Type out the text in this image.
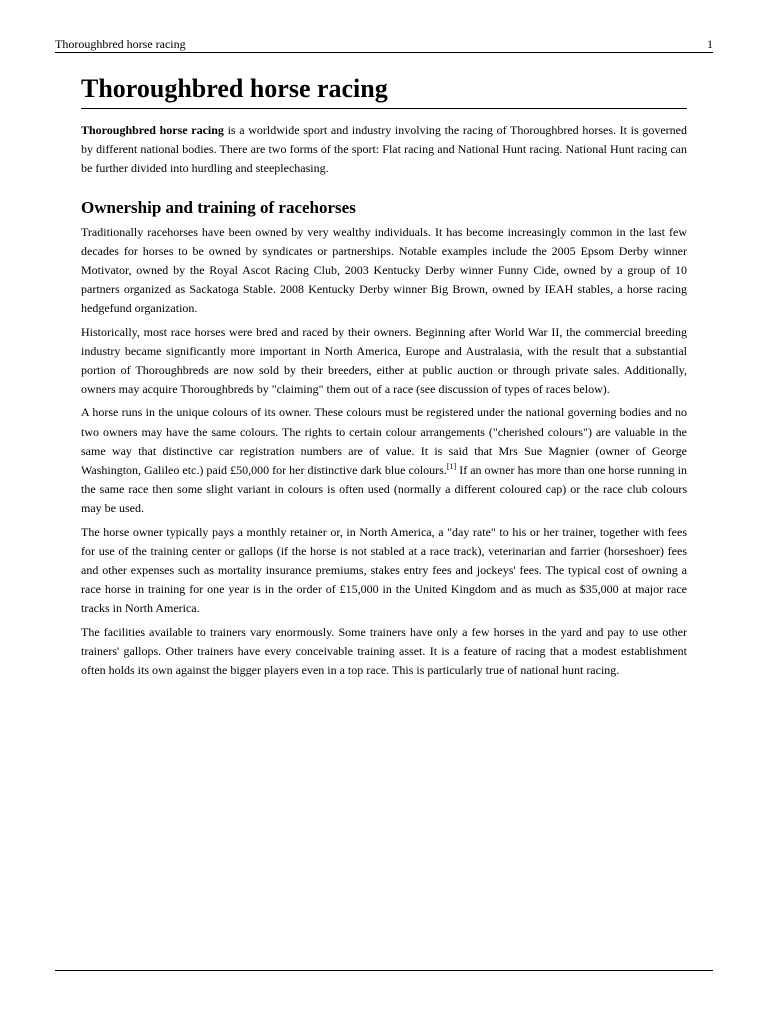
Thoroughbred horse racing	1
Thoroughbred horse racing

Thoroughbred horse racing is a worldwide sport and industry involving the racing of Thoroughbred horses. It is governed by different national bodies. There are two forms of the sport: Flat racing and National Hunt racing. National Hunt racing can be further divided into hurdling and steeplechasing.

Ownership and training of racehorses

Traditionally racehorses have been owned by very wealthy individuals. It has become increasingly common in the last few decades for horses to be owned by syndicates or partnerships. Notable examples include the 2005 Epsom Derby winner Motivator, owned by the Royal Ascot Racing Club, 2003 Kentucky Derby winner Funny Cide, owned by a group of 10 partners organized as Sackatoga Stable. 2008 Kentucky Derby winner Big Brown, owned by IEAH stables, a horse racing hedgefund organization.

Historically, most race horses were bred and raced by their owners. Beginning after World War II, the commercial breeding industry became significantly more important in North America, Europe and Australasia, with the result that a substantial portion of Thoroughbreds are now sold by their breeders, either at public auction or through private sales. Additionally, owners may acquire Thoroughbreds by "claiming" them out of a race (see discussion of types of races below).

A horse runs in the unique colours of its owner. These colours must be registered under the national governing bodies and no two owners may have the same colours. The rights to certain colour arrangements ("cherished colours") are valuable in the same way that distinctive car registration numbers are of value. It is said that Mrs Sue Magnier (owner of George Washington, Galileo etc.) paid £50,000 for her distinctive dark blue colours.[1] If an owner has more than one horse running in the same race then some slight variant in colours is often used (normally a different coloured cap) or the race club colours may be used.

The horse owner typically pays a monthly retainer or, in North America, a "day rate" to his or her trainer, together with fees for use of the training center or gallops (if the horse is not stabled at a race track), veterinarian and farrier (horseshoer) fees and other expenses such as mortality insurance premiums, stakes entry fees and jockeys' fees. The typical cost of owning a race horse in training for one year is in the order of £15,000 in the United Kingdom and as much as $35,000 at major race tracks in North America.

The facilities available to trainers vary enormously. Some trainers have only a few horses in the yard and pay to use other trainers' gallops. Other trainers have every conceivable training asset. It is a feature of racing that a modest establishment often holds its own against the bigger players even in a top race. This is particularly true of national hunt racing.
